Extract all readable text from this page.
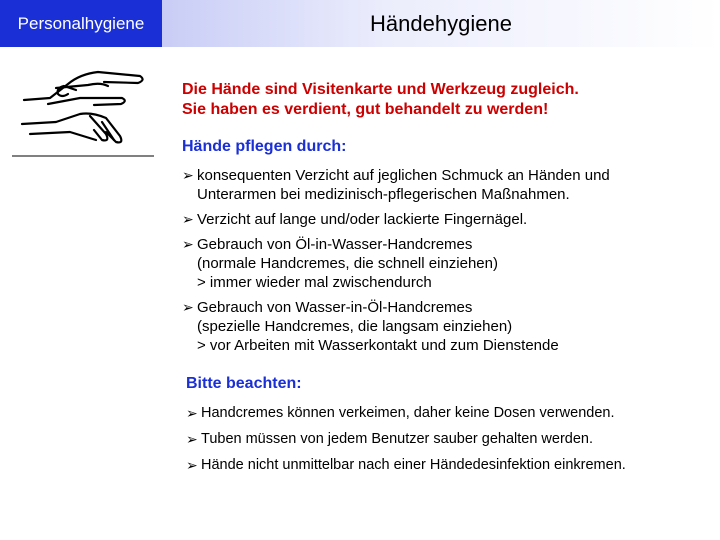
Personalhygiene	Händehygiene
Die Hände sind Visitenkarte und Werkzeug zugleich.
Sie haben es verdient, gut behandelt zu werden!
Hände pflegen durch:
➢ konsequenten Verzicht auf jeglichen Schmuck an Händen und
Unterarmen bei medizinisch-pflegerischen Maßnahmen.
➢ Verzicht auf lange und/oder lackierte Fingernägel.
➢ Gebrauch von Öl-in-Wasser-Handcremes
(normale Handcremes, die schnell einziehen)
> immer wieder mal zwischendurch
➢ Gebrauch von Wasser-in-Öl-Handcremes
(spezielle Handcremes, die langsam einziehen)
> vor Arbeiten mit Wasserkontakt und zum Dienstende
Bitte beachten:
➢ Handcremes können verkeimen, daher keine Dosen verwenden.
➢ Tuben müssen von jedem Benutzer sauber gehalten werden.
➢ Hände nicht unmittelbar nach einer Händedesinfektion einkremen.
